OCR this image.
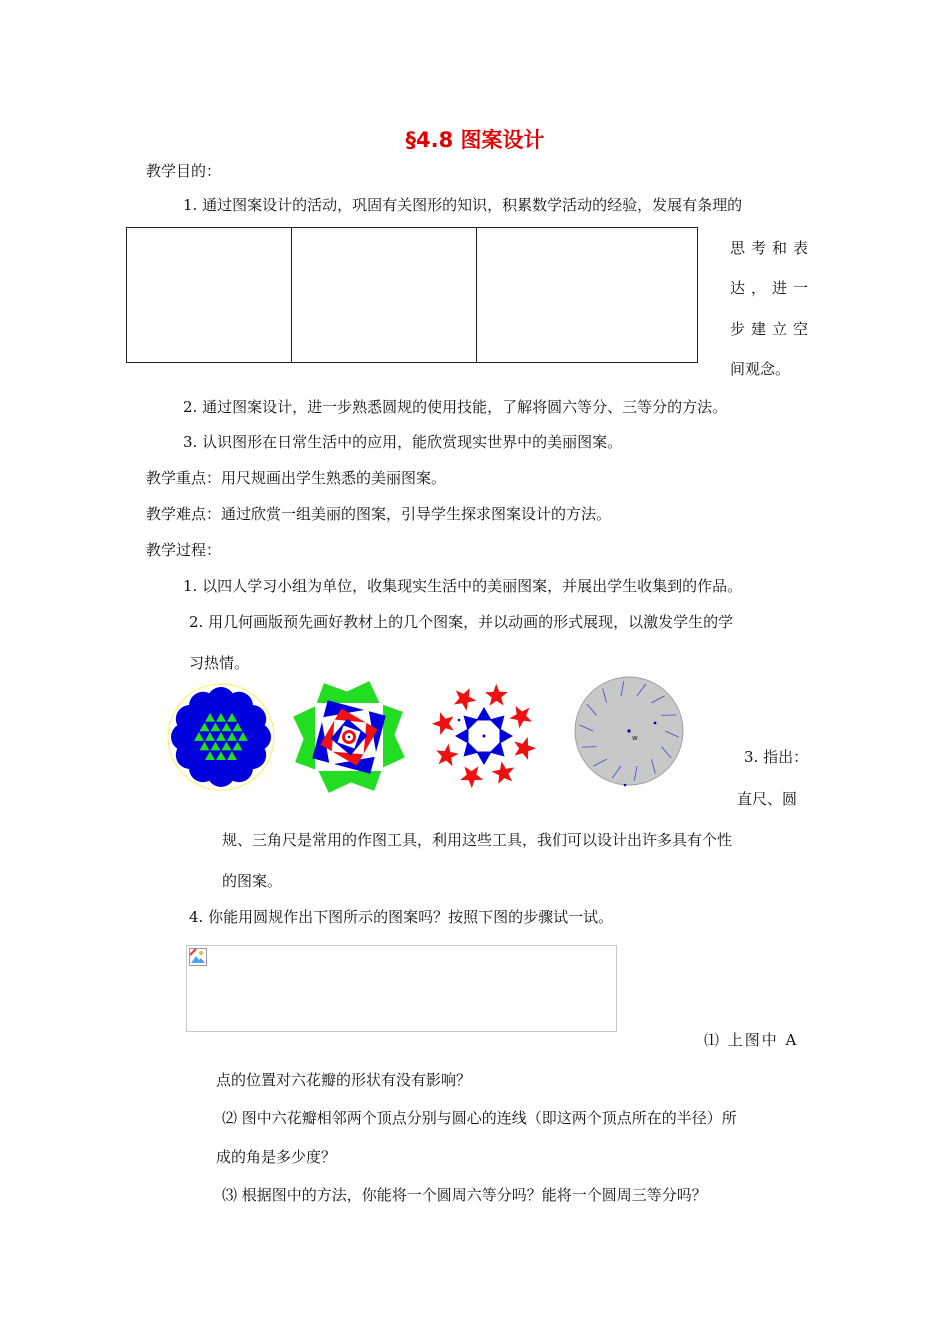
§4.8 图案设计
教学目的：
1. 通过图案设计的活动，巩固有关图形的知识，积累数学活动的经验，发展有条理的
思考和表
达，进一
步建立空
间观念。
2. 通过图案设计，进一步熟悉圆规的使用技能，了解将圆六等分、三等分的方法。
3. 认识图形在日常生活中的应用，能欣赏现实世界中的美丽图案。
教学重点：用尺规画出学生熟悉的美丽图案。
教学难点：通过欣赏一组美丽的图案，引导学生探求图案设计的方法。
教学过程：
1. 以四人学习小组为单位，收集现实生活中的美丽图案，并展出学生收集到的作品。
2. 用几何画版预先画好教材上的几个图案，并以动画的形式展现，以激发学生的学
习热情。
w
3. 指出：
直尺、圆
规、三角尺是常用的作图工具，利用这些工具，我们可以设计出许多具有个性
的图案。
4. 你能用圆规作出下图所示的图案吗？按照下图的步骤试一试。
⑴ 上图中 A
点的位置对六花瓣的形状有没有影响？
⑵ 图中六花瓣相邻两个顶点分别与圆心的连线（即这两个顶点所在的半径）所
成的角是多少度？
⑶ 根据图中的方法，你能将一个圆周六等分吗？能将一个圆周三等分吗？
